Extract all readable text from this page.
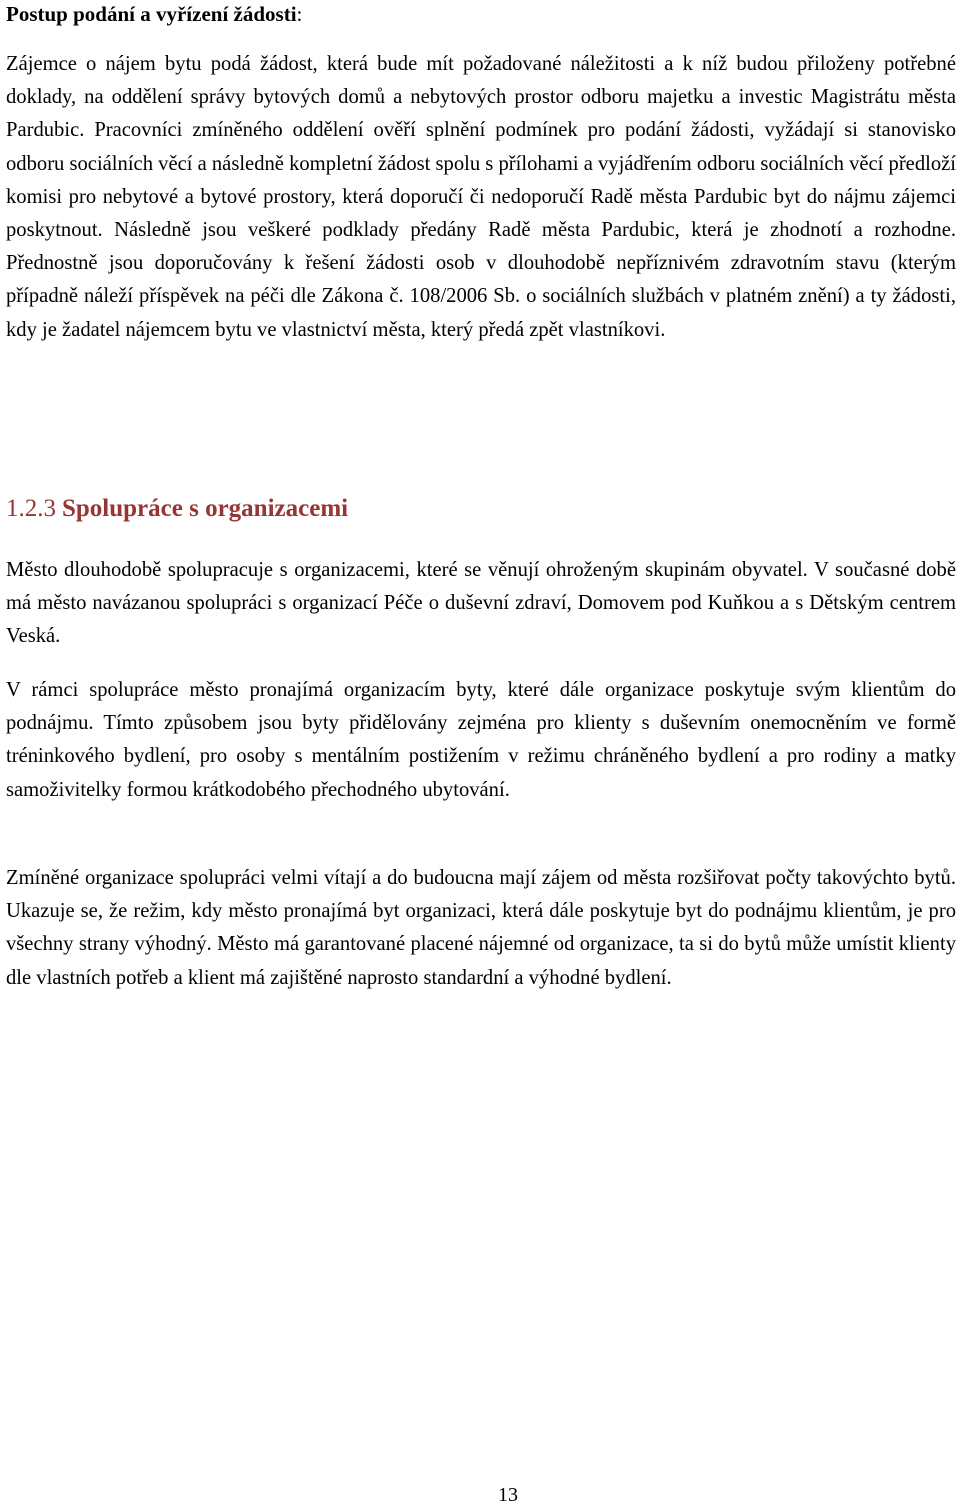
Postup podání a vyřízení žádosti:

Zájemce o nájem bytu podá žádost, která bude mít požadované náležitosti a k níž budou přiloženy potřebné doklady, na oddělení správy bytových domů a nebytových prostor odboru majetku a investic Magistrátu města Pardubic. Pracovníci zmíněného oddělení ověří splnění podmínek pro podání žádosti, vyžádají si stanovisko odboru sociálních věcí a následně kompletní žádost spolu s přílohami a vyjádřením odboru sociálních věcí předloží komisi pro nebytové a bytové prostory, která doporučí či nedoporučí Radě města Pardubic byt do nájmu zájemci poskytnout. Následně jsou veškeré podklady předány Radě města Pardubic, která je zhodnotí a rozhodne. Přednostně jsou doporučovány k řešení žádosti osob v dlouhodobě nepříznivém zdravotním stavu (kterým případně náleží příspěvek na péči dle Zákona č. 108/2006 Sb. o sociálních službách v platném znění) a ty žádosti, kdy je žadatel nájemcem bytu ve vlastnictví města, který předá zpět vlastníkovi.

1.2.3 Spolupráce s organizacemi

Město dlouhodobě spolupracuje s organizacemi, které se věnují ohroženým skupinám obyvatel. V současné době má město navázanou spolupráci s organizací Péče o duševní zdraví, Domovem pod Kuňkou a s Dětským centrem Veská.

V rámci spolupráce město pronajímá organizacím byty, které dále organizace poskytuje svým klientům do podnájmu. Tímto způsobem jsou byty přidělovány zejména pro klienty s duševním onemocněním ve formě tréninkového bydlení, pro osoby s mentálním postižením v režimu chráněného bydlení a pro rodiny a matky samoživitelky formou krátkodobého přechodného ubytování.

Zmíněné organizace spolupráci velmi vítají a do budoucna mají zájem od města rozšiřovat počty takovýchto bytů. Ukazuje se, že režim, kdy město pronajímá byt organizaci, která dále poskytuje byt do podnájmu klientům, je pro všechny strany výhodný. Město má garantované placené nájemné od organizace, ta si do bytů může umístit klienty dle vlastních potřeb a klient má zajištěné naprosto standardní a výhodné bydlení.

13
